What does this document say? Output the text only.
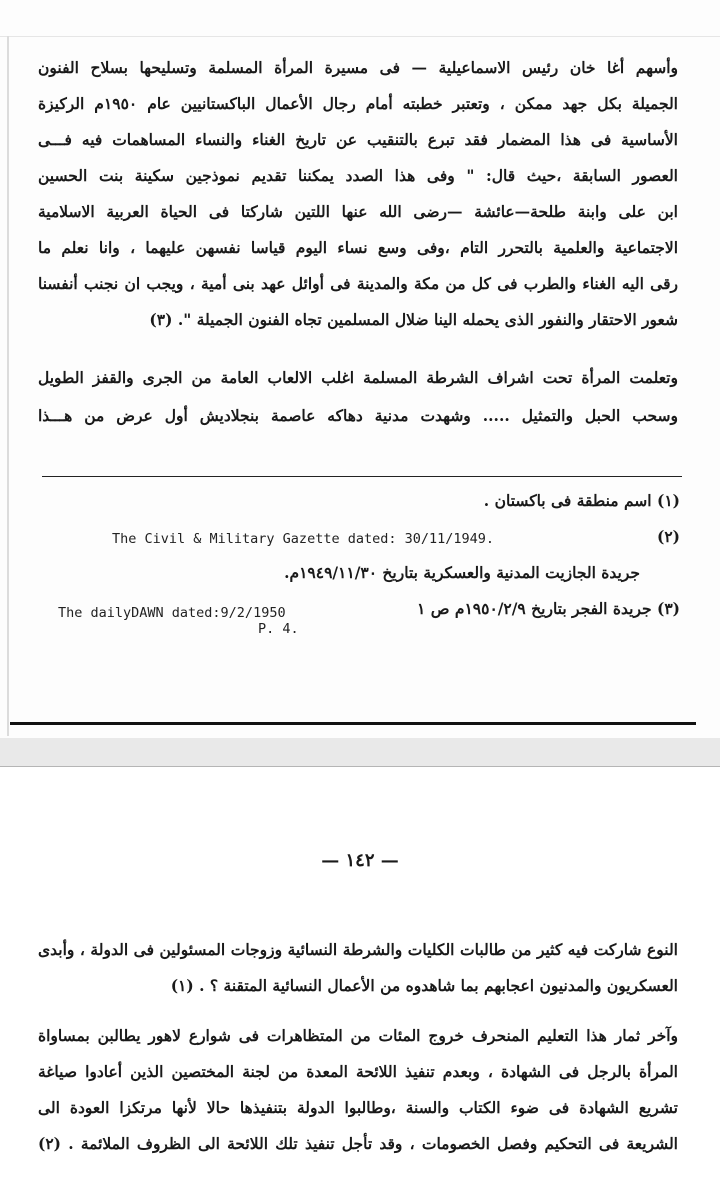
وأسهم أغا خان رئيس الاسماعيلية — فى مسيرة المرأة المسلمة وتسليحها بسلاح الفنون
الجميلة بكل جهد ممكن ، وتعتبر خطبته أمام رجال الأعمال الباكستانيين عام ١٩٥٠م الركيزة
الأساسية فى هذا المضمار فقد تبرع بالتنقيب عن تاريخ الغناء والنساء المساهمات فيه فـــى
العصور السابقة ،حيث قال: " وفى هذا الصدد يمكننا تقديم نموذجين سكينة بنت الحسين
ابن على وابنة طلحة—عائشة —رضى الله عنها اللتين شاركتا فى الحياة العربية الاسلامية
الاجتماعية والعلمية بالتحرر التام ،وفى وسع نساء اليوم قياسا نفسهن عليهما ، وانا نعلم ما
رقى اليه الغناء والطرب فى كل من مكة والمدينة فى أوائل عهد بنى أمية ، ويجب ان نجنب أنفسنا
شعور الاحتقار والنفور الذى يحمله الينا ضلال المسلمين تجاه الفنون الجميلة ". (٣)
وتعلمت المرأة تحت اشراف الشرطة المسلمة اغلب الالعاب العامة من الجرى والقفز الطويل
وسحب الحبل والتمثيل ..... وشهدت مدنية دهاكه عاصمة بنجلاديش أول عرض من هـــذا
(١) اسم منطقة فى باكستان .
(٢)
The Civil & Military Gazette dated: 30/11/1949.
جريدة الجازيت المدنية والعسكرية بتاريخ ١٩٤٩/١١/٣٠م.
(٣) جريدة الفجر بتاريخ ١٩٥٠/٢/٩م ص ١
The dailyDAWN dated:9/2/1950
P. 4.
— ١٤٢ —
النوع شاركت فيه كثير من طالبات الكليات والشرطة النسائية وزوجات المسئولين فى الدولة ، وأبدى
العسكريون والمدنيون اعجابهم بما شاهدوه من الأعمال النسائية المتقنة ؟ . (١)
وآخر ثمار هذا التعليم المنحرف خروج المئات من المتظاهرات فى شوارع لاهور يطالبن بمساواة
المرأة بالرجل فى الشهادة ، وبعدم تنفيذ اللائحة المعدة من لجنة المختصين الذين أعادوا صياغة
تشريع الشهادة فى ضوء الكتاب والسنة ،وطالبوا الدولة بتنفيذها حالا لأنها مرتكزا العودة الى
الشريعة فى التحكيم وفصل الخصومات ، وقد تأجل تنفيذ تلك اللائحة الى الظروف الملائمة . (٢)
